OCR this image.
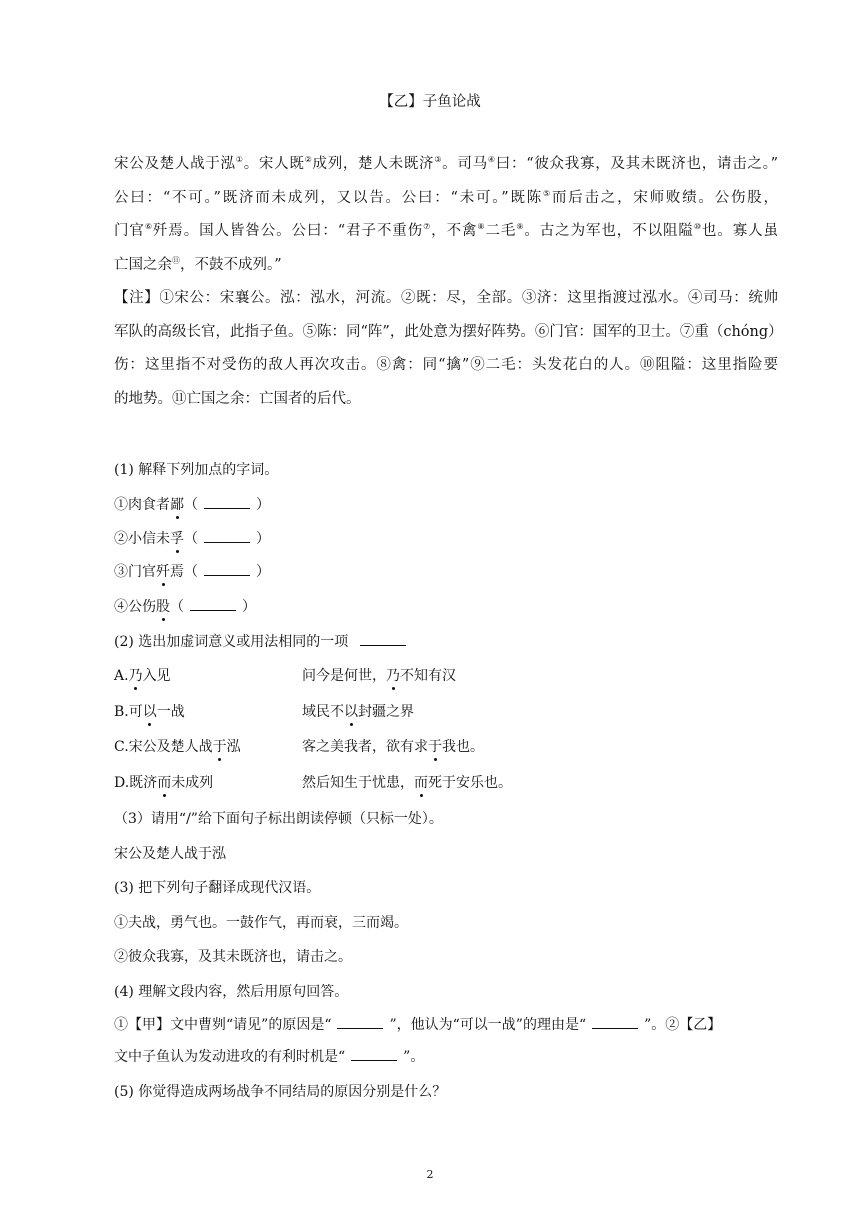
【乙】子鱼论战
宋公及楚人战于泓①。宋人既②成列，楚人未既济③。司马④曰：“彼众我寡，及其未既济也，请击之。”
公曰：“不可。”既济而未成列，又以告。公曰：“未可。”既陈⑤而后击之，宋师败绩。公伤股，
门官⑥歼焉。国人皆咎公。公曰：“君子不重伤⑦，不禽⑧二毛⑨。古之为军也，不以阻隘⑩也。寡人虽
亡国之余⑪，不鼓不成列。”
【注】①宋公：宋襄公。泓：泓水，河流。②既：尽，全部。③济：这里指渡过泓水。④司马：统帅
军队的高级长官，此指子鱼。⑤陈：同“阵”，此处意为摆好阵势。⑥门官：国军的卫士。⑦重（chóng）
伤：这里指不对受伤的敌人再次攻击。⑧禽：同“擒”⑨二毛：头发花白的人。⑩阻隘：这里指险要
的地势。⑪亡国之余：亡国者的后代。
(1) 解释下列加点的字词。
①肉食者鄙（	）
②小信未孚（	）
③门官歼焉（	）
④公伤股（	）
(2) 选出加虚词意义或用法相同的一项
A.乃入见	问今是何世，乃不知有汉
B.可以一战	域民不以封疆之界
C.宋公及楚人战于泓	客之美我者，欲有求于我也。
D.既济而未成列	然后知生于忧患，而死于安乐也。
（3）请用“/”给下面句子标出朗读停顿（只标一处）。
宋公及楚人战于泓
(3) 把下列句子翻译成现代汉语。
①夫战，勇气也。一鼓作气，再而衰，三而竭。
②彼众我寡，及其未既济也，请击之。
(4) 理解文段内容，然后用原句回答。
①【甲】文中曹刿“请见”的原因是“	”，他认为“可以一战”的理由是“	”。②【乙】
文中子鱼认为发动进攻的有利时机是“	”。
(5) 你觉得造成两场战争不同结局的原因分别是什么？
2
